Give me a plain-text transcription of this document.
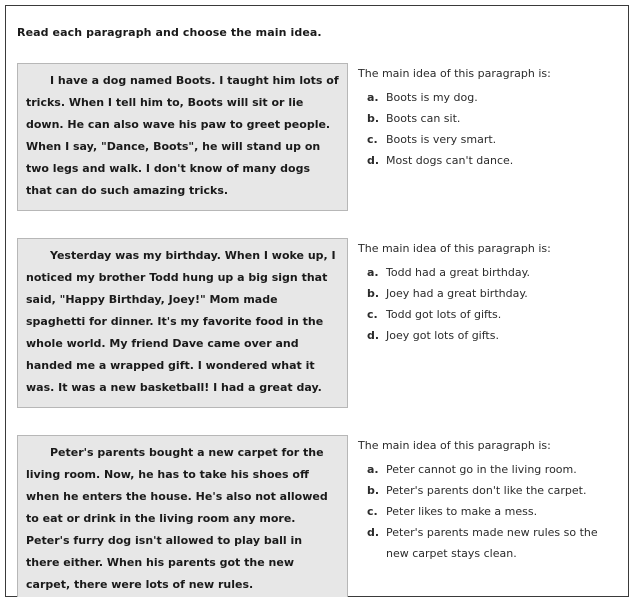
Read each paragraph and choose the main idea.

I have a dog named Boots. I taught him lots of tricks. When I tell him to, Boots will sit or lie down. He can also wave his paw to greet people. When I say, "Dance, Boots", he will stand up on two legs and walk. I don't know of many dogs that can do such amazing tricks.

The main idea of this paragraph is:

a. Boots is my dog.
b. Boots can sit.
c. Boots is very smart.
d. Most dogs can't dance.

Yesterday was my birthday. When I woke up, I noticed my brother Todd hung up a big sign that said, "Happy Birthday, Joey!" Mom made spaghetti for dinner. It's my favorite food in the whole world. My friend Dave came over and handed me a wrapped gift. I wondered what it was. It was a new basketball! I had a great day.

The main idea of this paragraph is:

a. Todd had a great birthday.
b. Joey had a great birthday.
c. Todd got lots of gifts.
d. Joey got lots of gifts.

Peter's parents bought a new carpet for the living room. Now, he has to take his shoes off when he enters the house. He's also not allowed to eat or drink in the living room any more. Peter's furry dog isn't allowed to play ball in there either. When his parents got the new carpet, there were lots of new rules.

The main idea of this paragraph is:

a. Peter cannot go in the living room.
b. Peter's parents don't like the carpet.
c. Peter likes to make a mess.
d. Peter's parents made new rules so the new carpet stays clean.
